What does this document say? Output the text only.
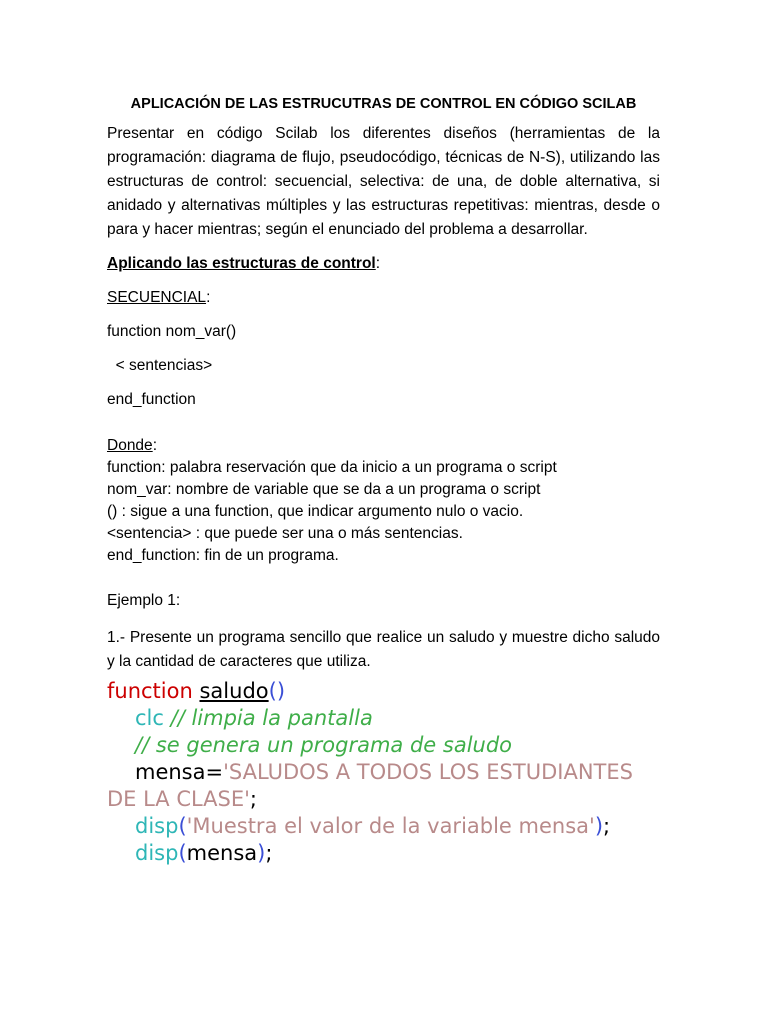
APLICACIÓN DE LAS ESTRUCUTRAS DE CONTROL EN CÓDIGO SCILAB

Presentar en código Scilab los diferentes diseños (herramientas de la programación: diagrama de flujo, pseudocódigo, técnicas de N-S), utilizando las estructuras de control: secuencial, selectiva: de una, de doble alternativa, si anidado y alternativas múltiples y las estructuras repetitivas: mientras, desde o para y hacer mientras; según el enunciado del problema a desarrollar.

Aplicando las estructuras de control:

SECUENCIAL:

function nom_var()

< sentencias>

end_function

Donde:

function: palabra reservación que da inicio a un programa o script

nom_var: nombre de variable que se da a un programa o script

() : sigue a una function, que indicar argumento nulo o vacio.

<sentencia> : que puede ser una o más sentencias.

end_function: fin de un programa.

Ejemplo 1:

1.- Presente un programa sencillo que realice un saludo y muestre dicho saludo y la cantidad de caracteres que utiliza.

function saludo()

clc // limpia la pantalla

// se genera un programa de saludo

mensa='SALUDOS A TODOS LOS ESTUDIANTES DE LA CLASE';

disp('Muestra el valor de la variable mensa');

disp(mensa);
